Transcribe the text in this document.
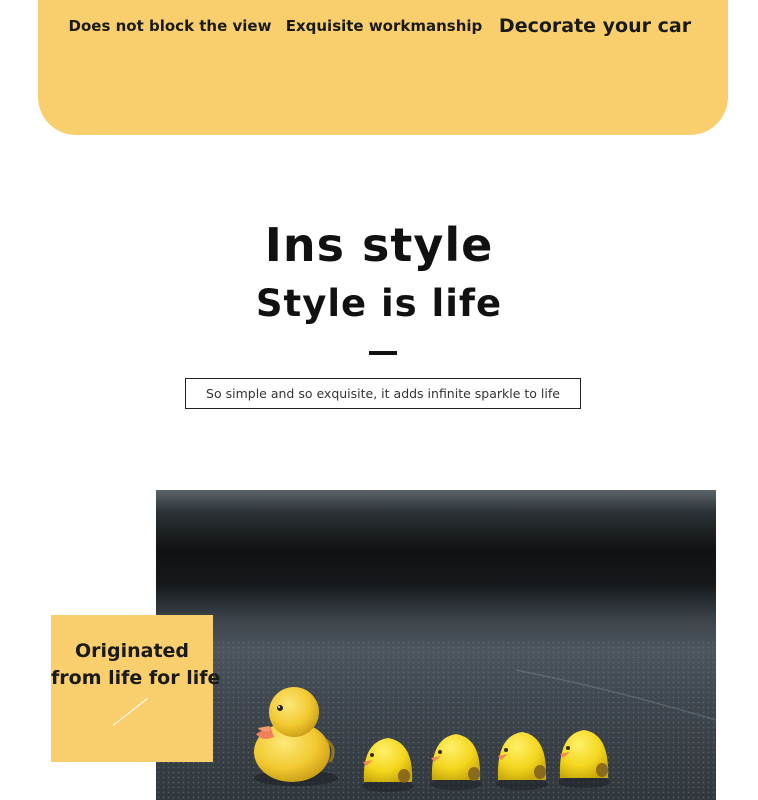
Does not block the view Exquisite workmanship Decorate your car
Ins style
Style is life
So simple and so exquisite, it adds infinite sparkle to life
Originated
from life for life
